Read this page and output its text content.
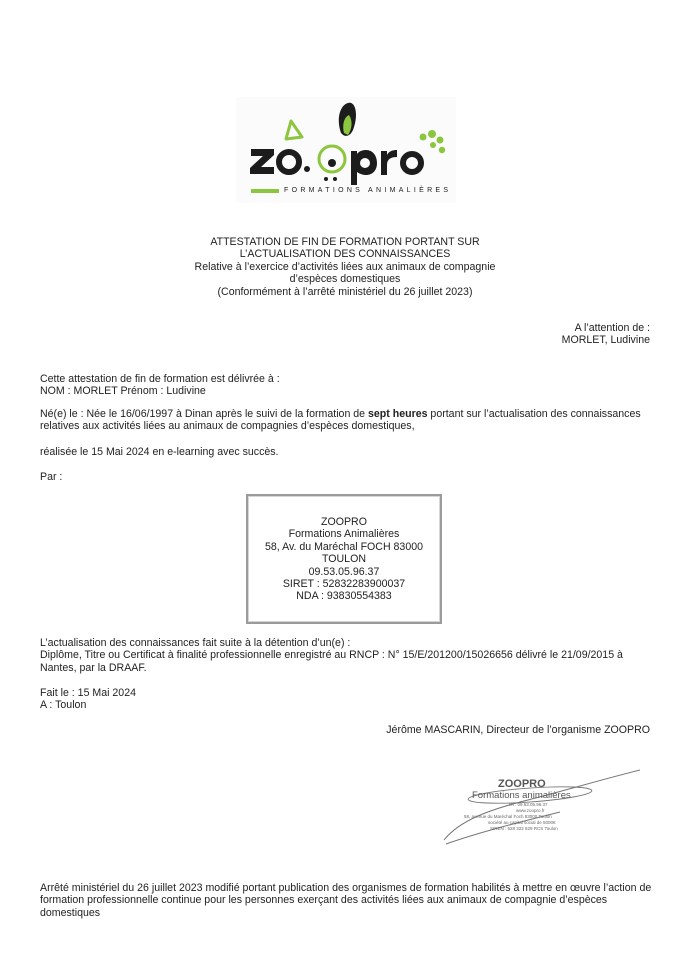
FORMATIONS ANIMALIÈRES
ATTESTATION DE FIN DE FORMATION PORTANT SUR
L’ACTUALISATION DES CONNAISSANCES
Relative à l’exercice d’activités liées aux animaux de compagnie
d’espèces domestiques
(Conformément à l’arrêté ministériel du 26 juillet 2023)
A l’attention de :
MORLET, Ludivine
Cette attestation de fin de formation est délivrée à :
NOM : MORLET Prénom : Ludivine
Né(e) le : Née le 16/06/1997 à Dinan après le suivi de la formation de sept heures portant sur l’actualisation des connaissances relatives aux activités liées au animaux de compagnies d’espèces domestiques,
réalisée le 15 Mai 2024 en e-learning avec succès.
Par :
ZOOPRO
Formations Animalières
58, Av. du Maréchal FOCH 83000
TOULON
09.53.05.96.37
SIRET : 52832283900037
NDA : 93830554383
L’actualisation des connaissances fait suite à la détention d’un(e) :
Diplôme, Titre ou Certificat à finalité professionnelle enregistré au RNCP : N° 15/E/201200/15026656 délivré le 21/09/2015 à Nantes, par la DRAAF.
Fait le : 15 Mai 2024
A : Toulon
Jérôme MASCARIN, Directeur de l’organisme ZOOPRO
ZOOPRO
Formations animalières
Tel : 09.53.05.96.37
www.zoopro.fr
58, avenue du Maréchal Foch 83000 Toulon
société au capital social de 5000€
SIREN : 528 322 829 RCS Toulon
Arrêté ministériel du 26 juillet 2023 modifié portant publication des organismes de formation habilités à mettre en œuvre l’action de formation professionnelle continue pour les personnes exerçant des activités liées aux animaux de compagnie d’espèces domestiques
